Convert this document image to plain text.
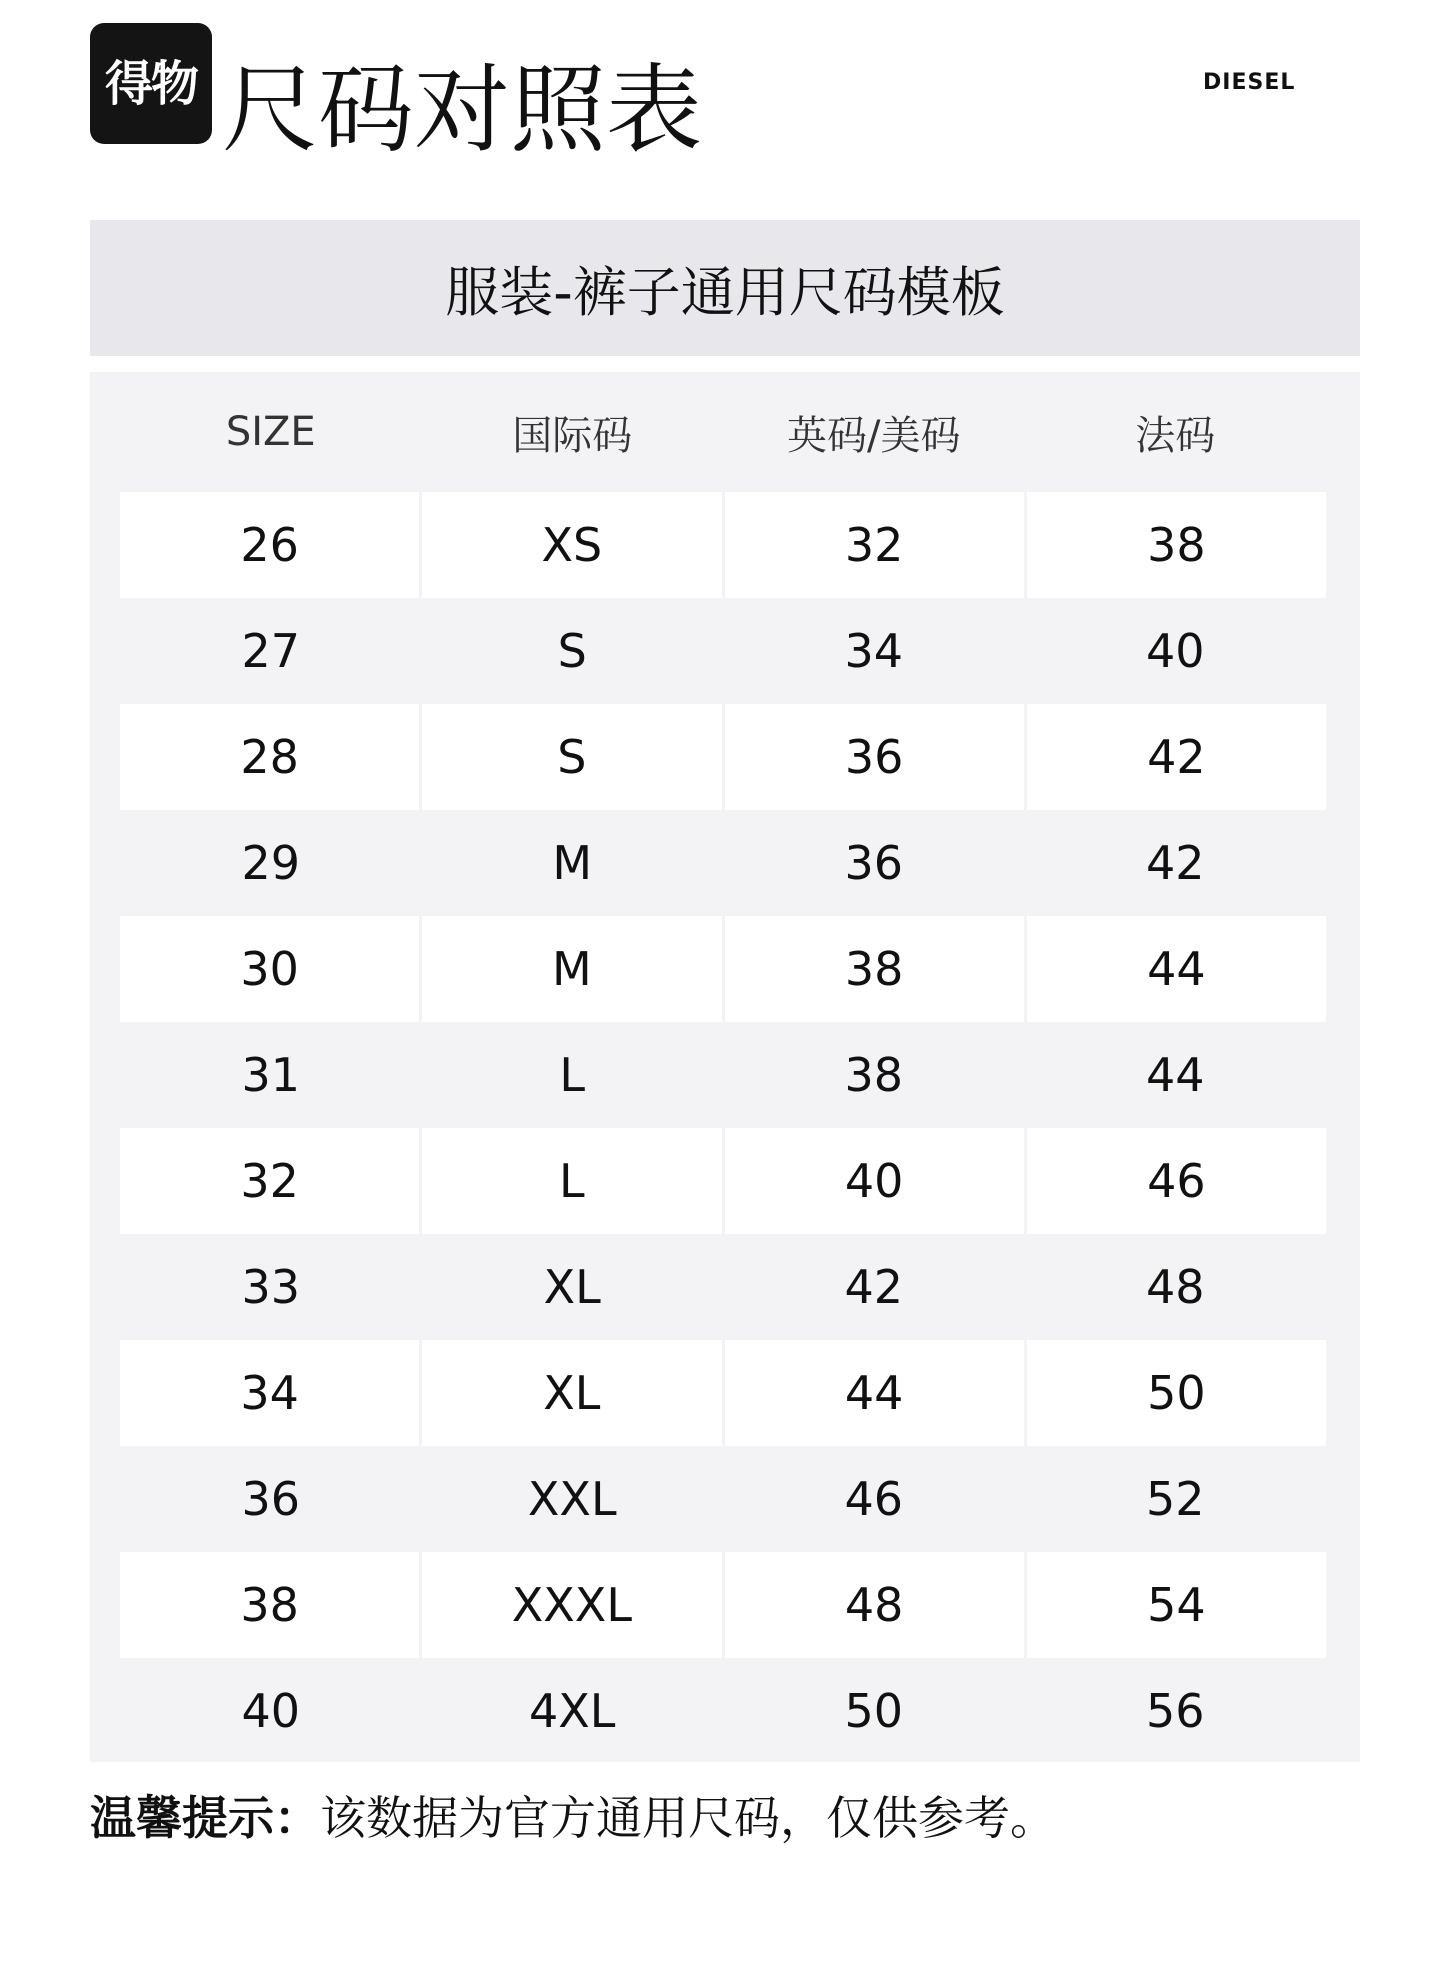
得物 尺码对照表	DIESEL
服装-裤子通用尺码模板
SIZE	国际码	英码/美码	法码
26	XS	32	38
27	S	34	40
28	S	36	42
29	M	36	42
30	M	38	44
31	L	38	44
32	L	40	46
33	XL	42	48
34	XL	44	50
36	XXL	46	52
38	XXXL	48	54
40	4XL	50	56
温馨提示：该数据为官方通用尺码，仅供参考。
